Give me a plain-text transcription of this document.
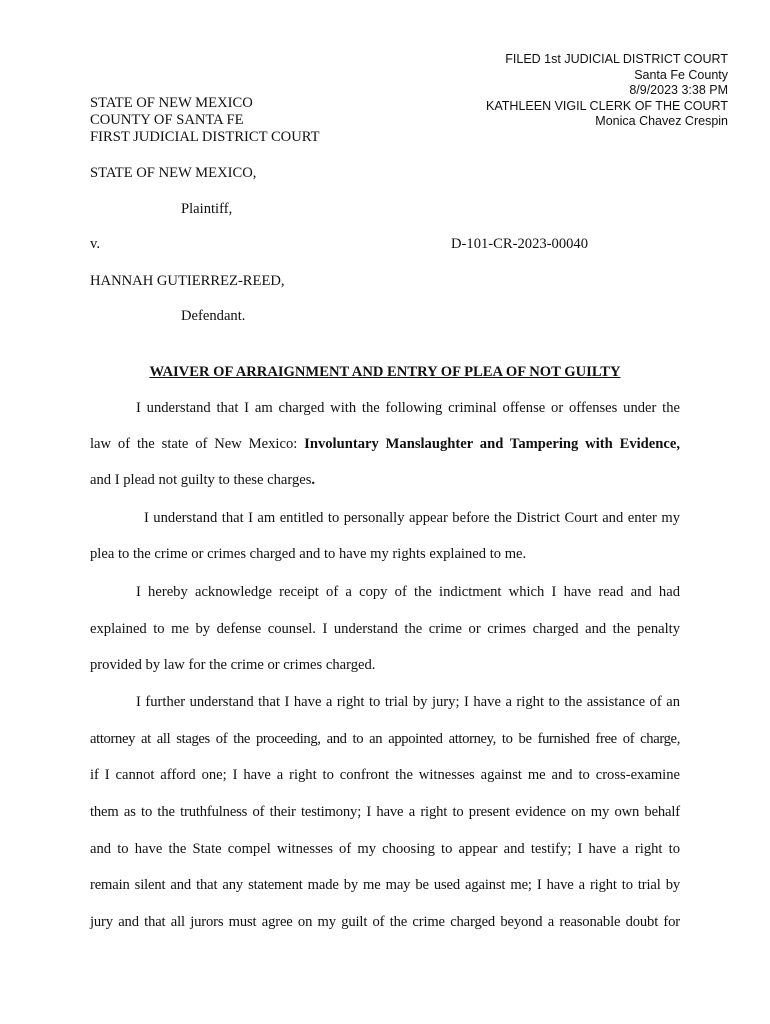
FILED 1st JUDICIAL DISTRICT COURT
Santa Fe County
8/9/2023 3:38 PM
KATHLEEN VIGIL CLERK OF THE COURT
Monica Chavez Crespin
STATE OF NEW MEXICO
COUNTY OF SANTA FE
FIRST JUDICIAL DISTRICT COURT
STATE OF NEW MEXICO,
Plaintiff,
v.	D-101-CR-2023-00040
HANNAH GUTIERREZ-REED,
Defendant.
WAIVER OF ARRAIGNMENT AND ENTRY OF PLEA OF NOT GUILTY
I understand that I am charged with the following criminal offense or offenses under the
law of the state of New Mexico: Involuntary Manslaughter and Tampering with Evidence,
and I plead not guilty to these charges.
I understand that I am entitled to personally appear before the District Court and enter my
plea to the crime or crimes charged and to have my rights explained to me.
I hereby acknowledge receipt of a copy of the indictment which I have read and had
explained to me by defense counsel. I understand the crime or crimes charged and the penalty
provided by law for the crime or crimes charged.
I further understand that I have a right to trial by jury; I have a right to the assistance of an
attorney at all stages of the proceeding, and to an appointed attorney, to be furnished free of charge,
if I cannot afford one; I have a right to confront the witnesses against me and to cross-examine
them as to the truthfulness of their testimony; I have a right to present evidence on my own behalf
and to have the State compel witnesses of my choosing to appear and testify; I have a right to
remain silent and that any statement made by me may be used against me; I have a right to trial by
jury and that all jurors must agree on my guilt of the crime charged beyond a reasonable doubt for
